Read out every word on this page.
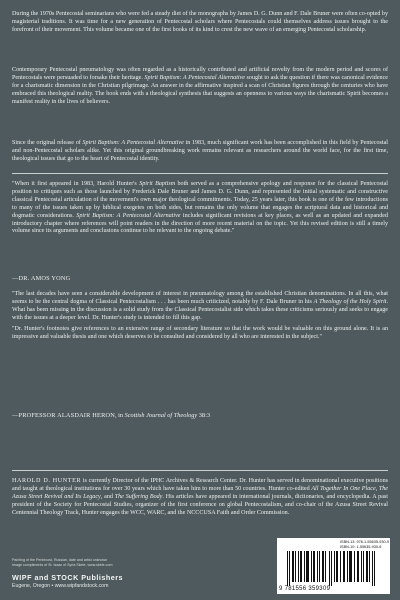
During the 1970s Pentecostal seminarians who were fed a steady diet of the monographs by James D. G. Dunn and F. Dale Bruner were often co-opted by magisterial traditions. It was time for a new generation of Pentecostal scholars where Pentecostals could themselves address issues brought to the forefront of their movement. This volume became one of the first books of its kind to crest the new wave of an emerging Pentecostal scholarship.

Contemporary Pentecostal pneumatology was often regarded as a historically contributed and artificial novelty from the modern period and scores of Pentecostals were persuaded to forsake their heritage. Spirit Baptism: A Pentecostal Alternative sought to ask the question if there was canonical evidence for a charismatic dimension in the Christian pilgrimage. An answer in the affirmative inspired a scan of Christian figures through the centuries who have embraced this theological reality. The book ends with a theological synthesis that suggests an openness to various ways the charismatic Spirit becomes a manifest reality in the lives of believers.

Since the original release of Spirit Baptism: A Pentecostal Alternative in 1983, much significant work has been accomplished in this field by Pentecostal and non-Pentecostal scholars alike. Yet this original groundbreaking work remains relevant as researchers around the world face, for the first time, theological issues that go to the heart of Pentecostal identity.

"When it first appeared in 1983, Harold Hunter's Spirit Baptism both served as a comprehensive apology and response for the classical Pentecostal position to critiques such as those launched by Frederick Dale Bruner and James D. G. Dunn, and represented the initial systematic and constructive classical Pentecostal articulation of the movement's own major theological commitments. Today, 25 years later, this book is one of the few introductions to many of the issues taken up by biblical exegetes on both sides, but remains the only volume that engages the scriptural data and historical and dogmatic considerations. Spirit Baptism: A Pentecostal Alternative includes significant revisions at key places, as well as an updated and expanded introductory chapter where references will point readers in the direction of more recent material on the topic. Yet this revised edition is still a timely volume since its arguments and conclusions continue to be relevant to the ongoing debate."

—DR. AMOS YONG

"The last decades have seen a considerable development of interest in pneumatology among the established Christian denominations. In all this, what seems to be the central dogma of Classical Pentecostalism . . . has been much criticized, notably by F. Dale Bruner in his A Theology of the Holy Spirit. What has been missing in the discussion is a solid study from the Classical Pentecostalist side which takes these criticisms seriously and seeks to engage with the issues at a deeper level. Dr. Hunter's study is intended to fill this gap.

"Dr. Hunter's footnotes give references to an extensive range of secondary literature so that the work would be valuable on this ground alone. It is an impressive and valuable thesis and one which deserves to be consulted and considered by all who are interested in the subject."

—PROFESSOR ALASDAIR HERON, in Scottish Journal of Theology 38:3

HAROLD D. HUNTER is currently Director of the IPHC Archives & Research Center. Dr. Hunter has served in denominational executive positions and taught at theological institutions for over 30 years which have taken him to more than 50 countries. Hunter co-edited All Together In One Place, The Azusa Street Revival and Its Legacy, and The Suffering Body. His articles have appeared in international journals, dictionaries, and encyclopedia. A past president of the Society for Pentecostal Studies, organizer of the first conference on global Pentecostalism, and co-chair of the Azusa Street Revival Centennial Theology Track, Hunter engages the WCC, WARC, and the NCCCUSA Faith and Order Commission.

Painting of the Pentecost, Russian, date and artist unknown
Image compliments of St. Isaac of Syria Skete, www.skete.com
WIPF and STOCK Publishers
Eugene, Oregon • www.wipfandstock.com
ISBN-13: 978-1-55635-930-9
ISBN-10: 1-55635-930-6
9 781556 359309
